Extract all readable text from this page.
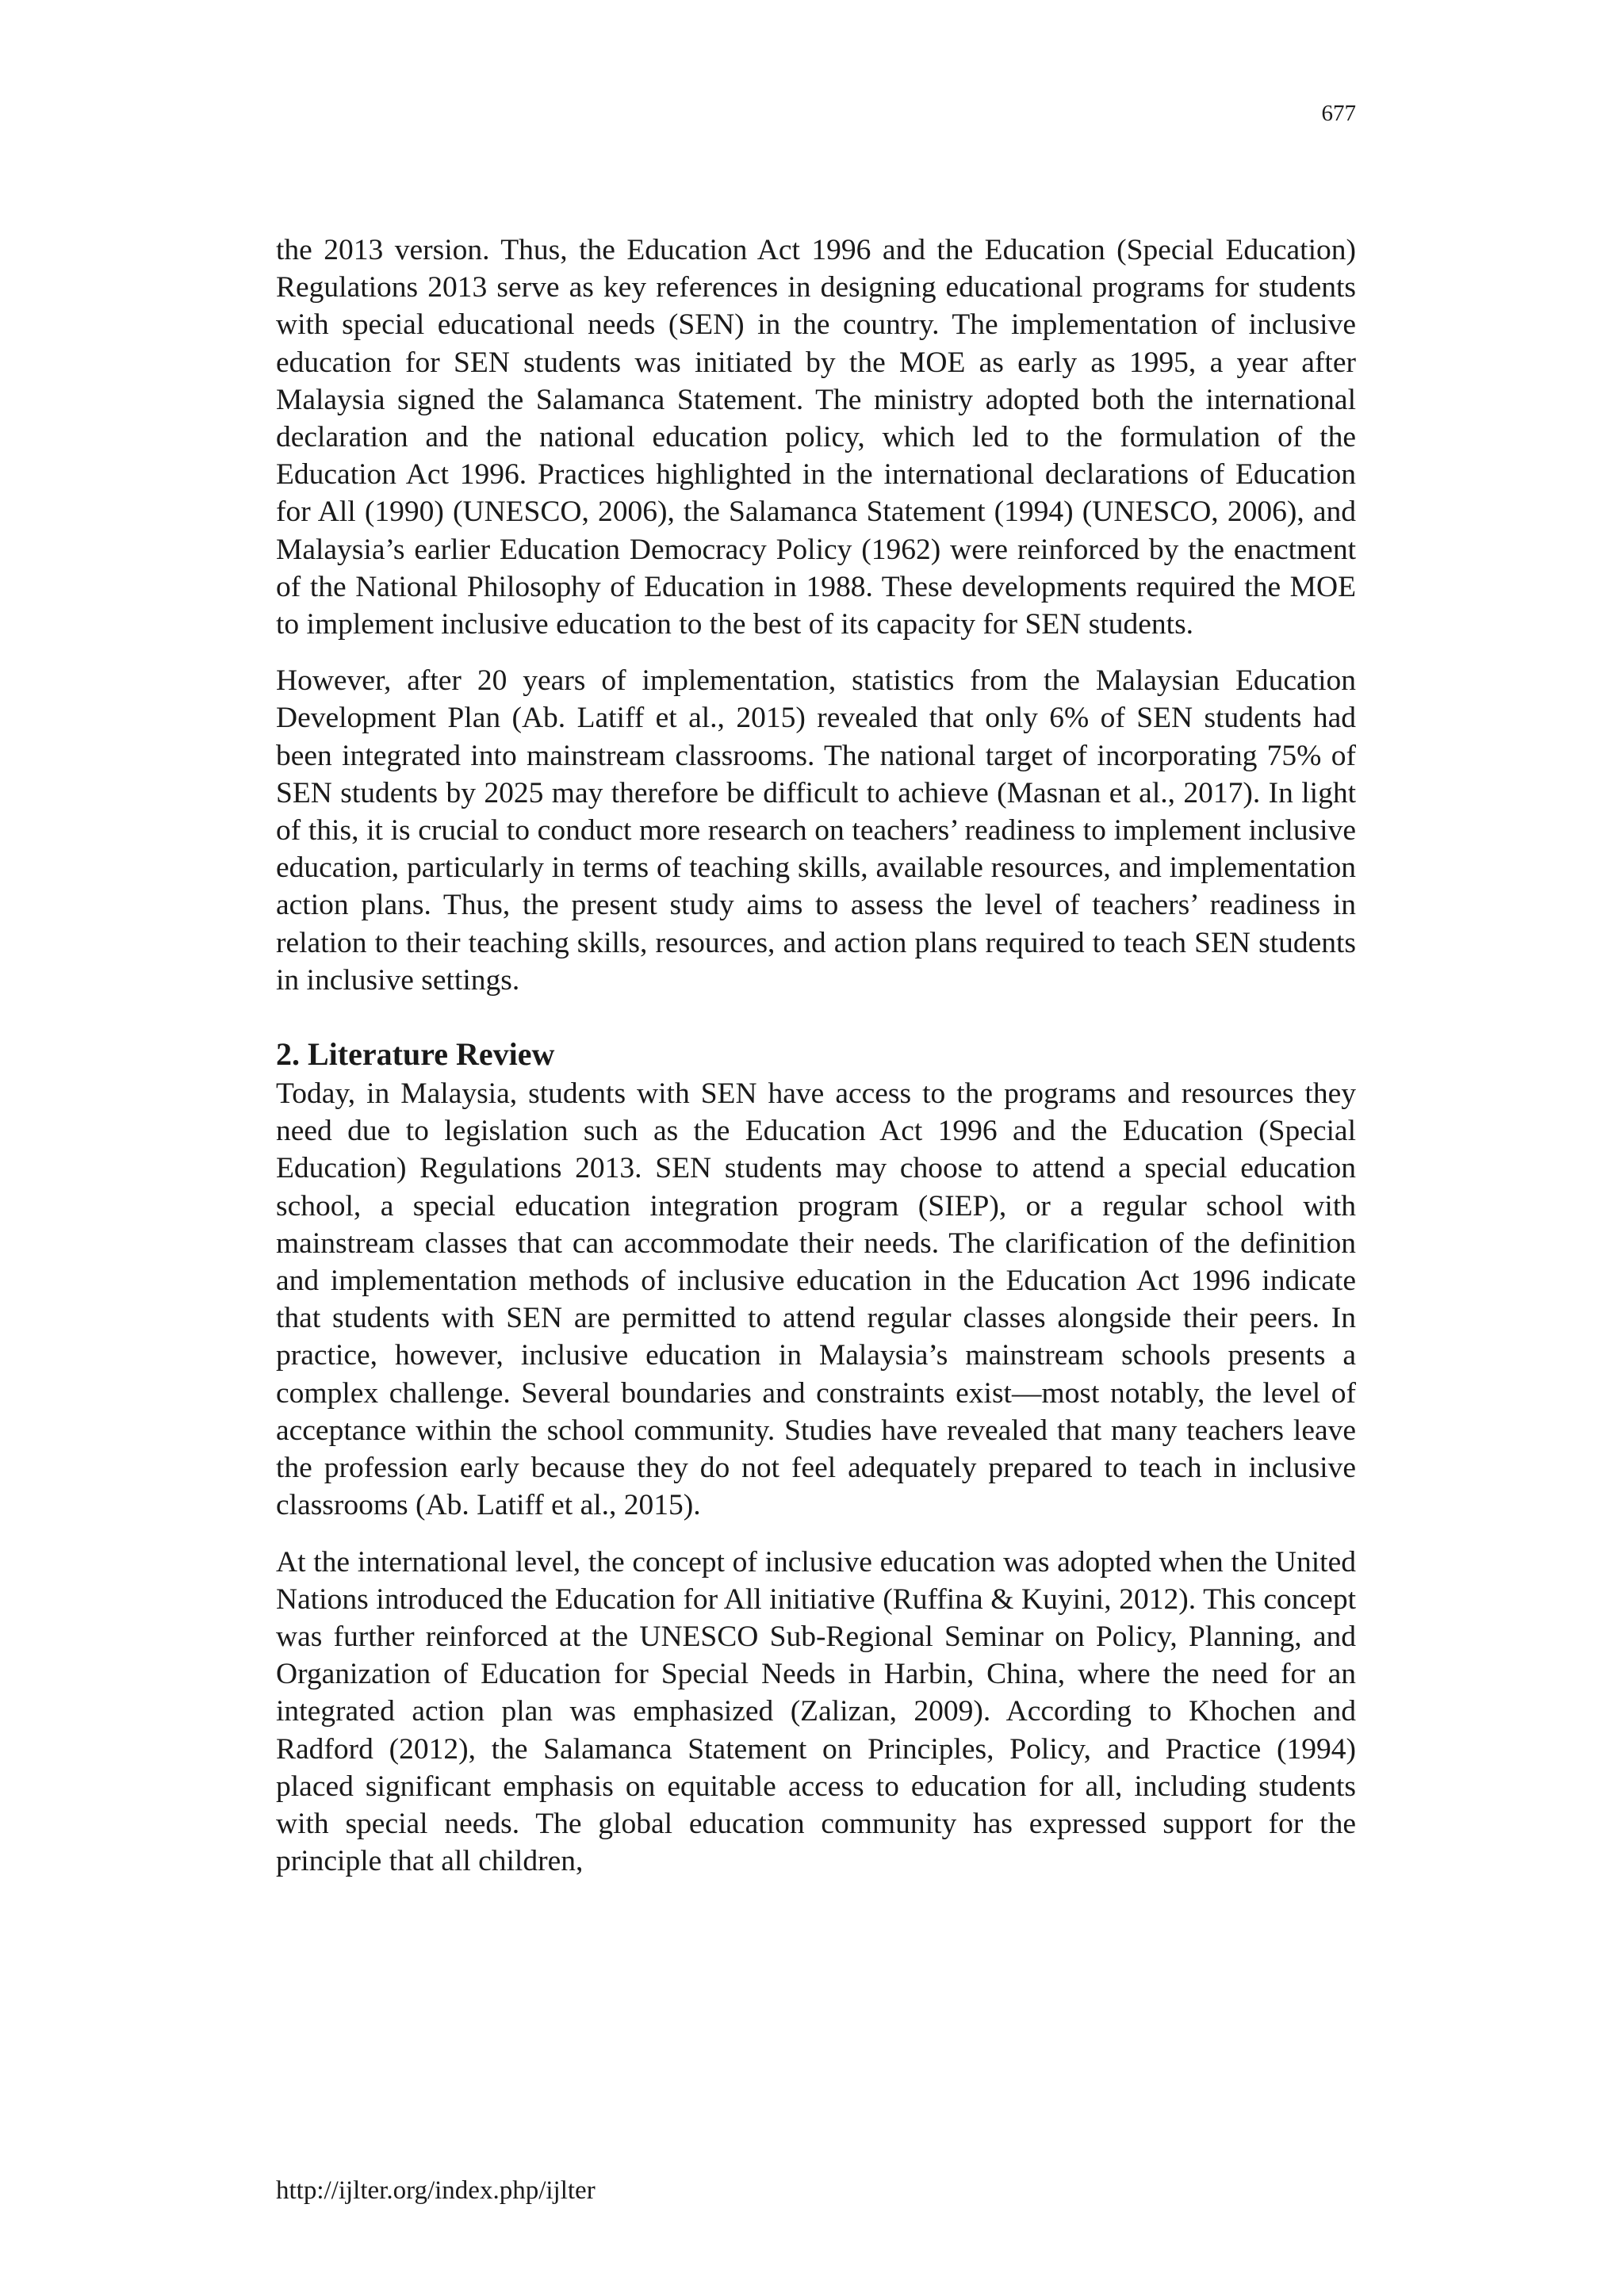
677

the 2013 version. Thus, the Education Act 1996 and the Education (Special Education) Regulations 2013 serve as key references in designing educational programs for students with special educational needs (SEN) in the country. The implementation of inclusive education for SEN students was initiated by the MOE as early as 1995, a year after Malaysia signed the Salamanca Statement. The ministry adopted both the international declaration and the national education policy, which led to the formulation of the Education Act 1996. Practices highlighted in the international declarations of Education for All (1990) (UNESCO, 2006), the Salamanca Statement (1994) (UNESCO, 2006), and Malaysia’s earlier Education Democracy Policy (1962) were reinforced by the enactment of the National Philosophy of Education in 1988. These developments required the MOE to implement inclusive education to the best of its capacity for SEN students.

However, after 20 years of implementation, statistics from the Malaysian Education Development Plan (Ab. Latiff et al., 2015) revealed that only 6% of SEN students had been integrated into mainstream classrooms. The national target of incorporating 75% of SEN students by 2025 may therefore be difficult to achieve (Masnan et al., 2017). In light of this, it is crucial to conduct more research on teachers’ readiness to implement inclusive education, particularly in terms of teaching skills, available resources, and implementation action plans. Thus, the present study aims to assess the level of teachers’ readiness in relation to their teaching skills, resources, and action plans required to teach SEN students in inclusive settings.

2. Literature Review

Today, in Malaysia, students with SEN have access to the programs and resources they need due to legislation such as the Education Act 1996 and the Education (Special Education) Regulations 2013. SEN students may choose to attend a special education school, a special education integration program (SIEP), or a regular school with mainstream classes that can accommodate their needs. The clarification of the definition and implementation methods of inclusive education in the Education Act 1996 indicate that students with SEN are permitted to attend regular classes alongside their peers. In practice, however, inclusive education in Malaysia’s mainstream schools presents a complex challenge. Several boundaries and constraints exist—most notably, the level of acceptance within the school community. Studies have revealed that many teachers leave the profession early because they do not feel adequately prepared to teach in inclusive classrooms (Ab. Latiff et al., 2015).

At the international level, the concept of inclusive education was adopted when the United Nations introduced the Education for All initiative (Ruffina & Kuyini, 2012). This concept was further reinforced at the UNESCO Sub-Regional Seminar on Policy, Planning, and Organization of Education for Special Needs in Harbin, China, where the need for an integrated action plan was emphasized (Zalizan, 2009). According to Khochen and Radford (2012), the Salamanca Statement on Principles, Policy, and Practice (1994) placed significant emphasis on equitable access to education for all, including students with special needs. The global education community has expressed support for the principle that all children,

http://ijlter.org/index.php/ijlter
